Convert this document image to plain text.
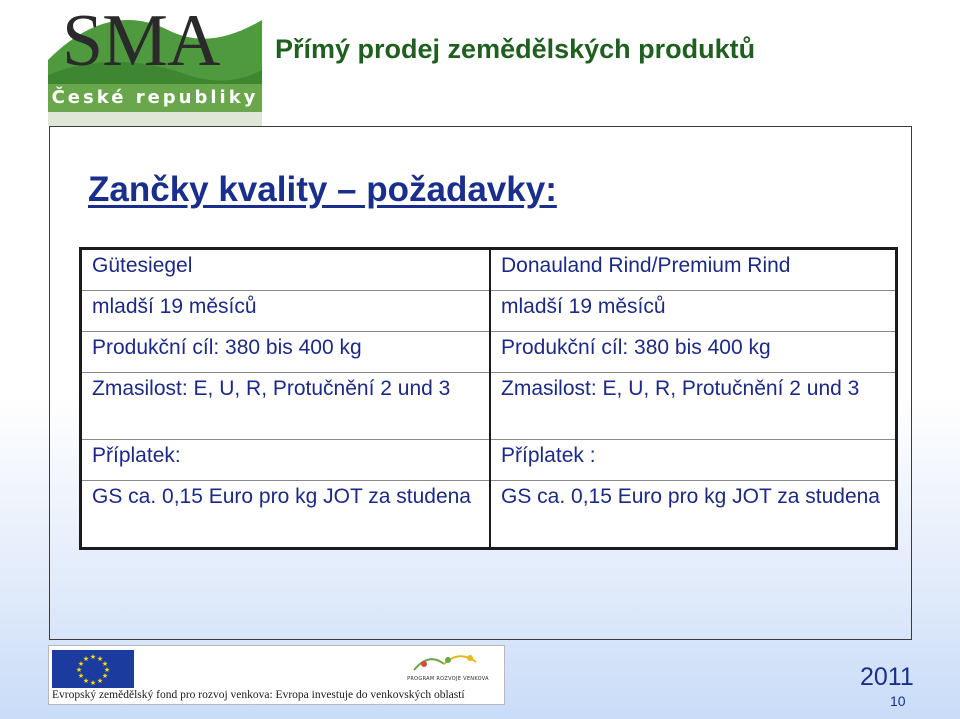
SMA
České republiky
Přímý prodej zemědělských produktů
Zančky kvality – požadavky:
Gütesiegel	Donauland Rind/Premium Rind
mladší 19 měsíců	mladší 19 měsíců
Produkční cíl: 380 bis 400 kg	Produkční cíl: 380 bis 400 kg
Zmasilost: E, U, R, Protučnění 2 und 3	Zmasilost: E, U, R, Protučnění 2 und 3
Příplatek:	Příplatek :
GS ca. 0,15 Euro pro kg JOT za studena	GS ca. 0,15 Euro pro kg JOT za studena
★ ★
★
★
★
★
★
★
★
★
★
★
PROGRAM ROZVOJE VENKOVA
Evropský zemědělský fond pro rozvoj venkova: Evropa investuje do venkovských oblastí
2011
10
